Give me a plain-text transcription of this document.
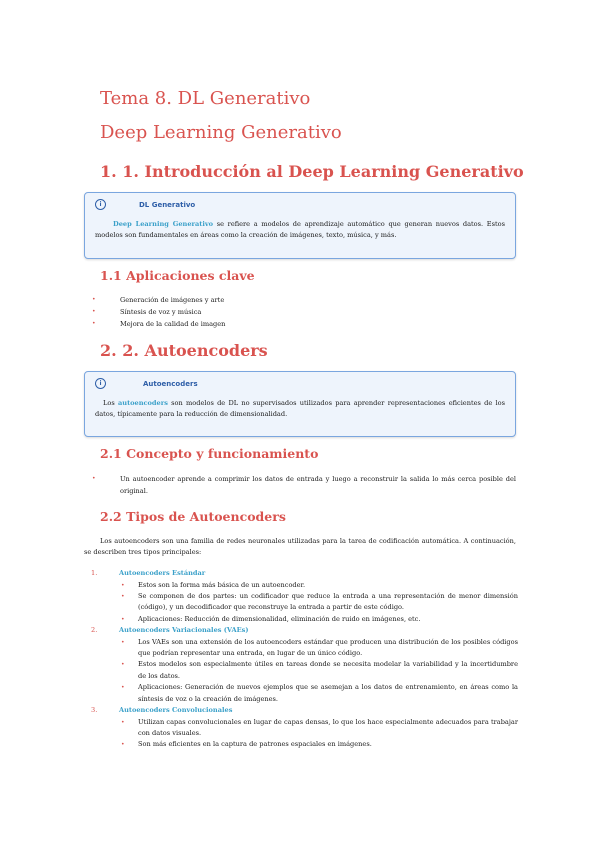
Tema 8. DL Generativo
Deep Learning Generativo
1. 1. Introducción al Deep Learning Generativo
i	DL Generativo
Deep Learning Generativo se refiere a modelos de aprendizaje automático que generan nuevos datos. Estos modelos son fundamentales en áreas como la creación de imágenes, texto, música, y más.
1.1 Aplicaciones clave
•	Generación de imágenes y arte
•	Síntesis de voz y música
•	Mejora de la calidad de imagen
2. 2. Autoencoders
i	Autoencoders
Los autoencoders son modelos de DL no supervisados utilizados para aprender representaciones eficientes de los datos, típicamente para la reducción de dimensionalidad.
2.1 Concepto y funcionamiento
•	Un autoencoder aprende a comprimir los datos de entrada y luego a reconstruir la salida lo más cerca posible del original.
2.2 Tipos de Autoencoders

Los autoencoders son una familia de redes neuronales utilizadas para la tarea de codificación automática. A continuación, se describen tres tipos principales:

1.	Autoencoders Estándar
• Estos son la forma más básica de un autoencoder.
• Se componen de dos partes: un codificador que reduce la entrada a una representación de menor dimensión (código), y un decodificador que reconstruye la entrada a partir de este código.
• Aplicaciones: Reducción de dimensionalidad, eliminación de ruido en imágenes, etc.
2.	Autoencoders Variacionales (VAEs)
• Los VAEs son una extensión de los autoencoders estándar que producen una distribución de los posibles códigos que podrían representar una entrada, en lugar de un único código.
• Estos modelos son especialmente útiles en tareas donde se necesita modelar la variabilidad y la incertidumbre de los datos.
• Aplicaciones: Generación de nuevos ejemplos que se asemejan a los datos de entrenamiento, en áreas como la síntesis de voz o la creación de imágenes.
3.	Autoencoders Convolucionales
• Utilizan capas convolucionales en lugar de capas densas, lo que los hace especialmente adecuados para trabajar con datos visuales.
• Son más eficientes en la captura de patrones espaciales en imágenes.
